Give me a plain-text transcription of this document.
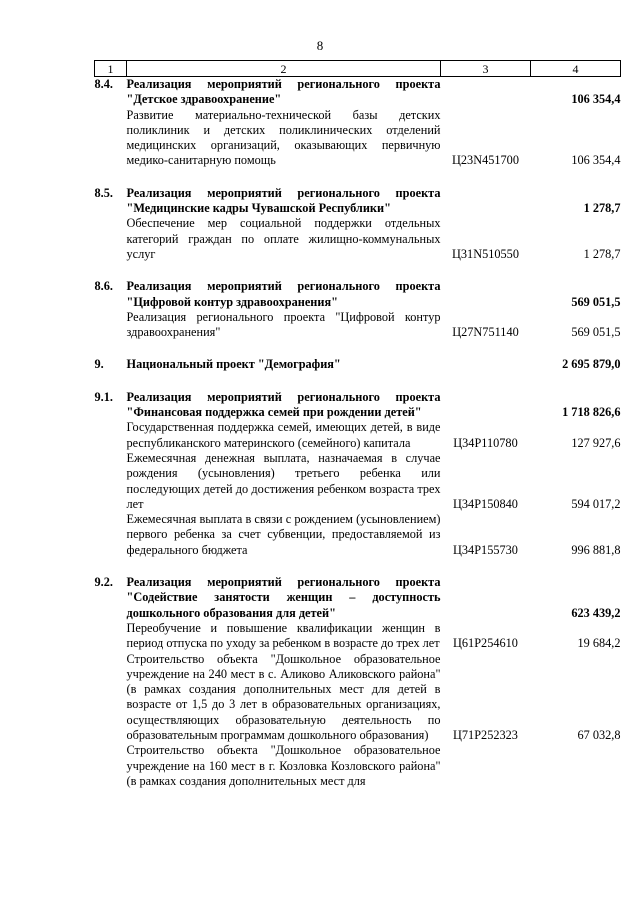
8
1	2	3	4
8.4.	Реализация мероприятий регионального проекта "Детское здравоохранение"		106 354,4
	Развитие материально-технической базы детских поликлиник и детских поликлинических отделений медицинских организаций, оказывающих первичную медико-санитарную помощь	Ц23N451700	106 354,4

8.5.	Реализация мероприятий регионального проекта "Медицинские кадры Чувашской Республики"		1 278,7
	Обеспечение мер социальной поддержки отдельных категорий граждан по оплате жилищно-коммунальных услуг	Ц31N510550	1 278,7

8.6.	Реализация мероприятий регионального проекта "Цифровой контур здравоохранения"		569 051,5
	Реализация регионального проекта "Цифровой контур здравоохранения"	Ц27N751140	569 051,5

9.	Национальный проект "Демография"		2 695 879,0

9.1.	Реализация мероприятий регионального проекта "Финансовая поддержка семей при рождении детей"		1 718 826,6
	Государственная поддержка семей, имеющих детей, в виде республиканского материнского (семейного) капитала	Ц34P110780	127 927,6
	Ежемесячная денежная выплата, назначаемая в случае рождения (усыновления) третьего ребенка или последующих детей до достижения ребенком возраста трех лет	Ц34P150840	594 017,2
	Ежемесячная выплата в связи с рождением (усыновлением) первого ребенка за счет субвенции, предоставляемой из федерального бюджета	Ц34P155730	996 881,8

9.2.	Реализация мероприятий регионального проекта "Содействие занятости женщин – доступность дошкольного образования для детей"		623 439,2
	Переобучение и повышение квалификации женщин в период отпуска по уходу за ребенком в возрасте до трех лет	Ц61P254610	19 684,2
	Строительство объекта "Дошкольное образовательное учреждение на 240 мест в с. Аликово Аликовского района" (в рамках создания дополнительных мест для детей в возрасте от 1,5 до 3 лет в образовательных организациях, осуществляющих образовательную деятельность по образовательным программам дошкольного образования)	Ц71P252323	67 032,8
	Строительство объекта "Дошкольное образовательное учреждение на 160 мест в г. Козловка Козловского района" (в рамках создания дополнительных мест для		
